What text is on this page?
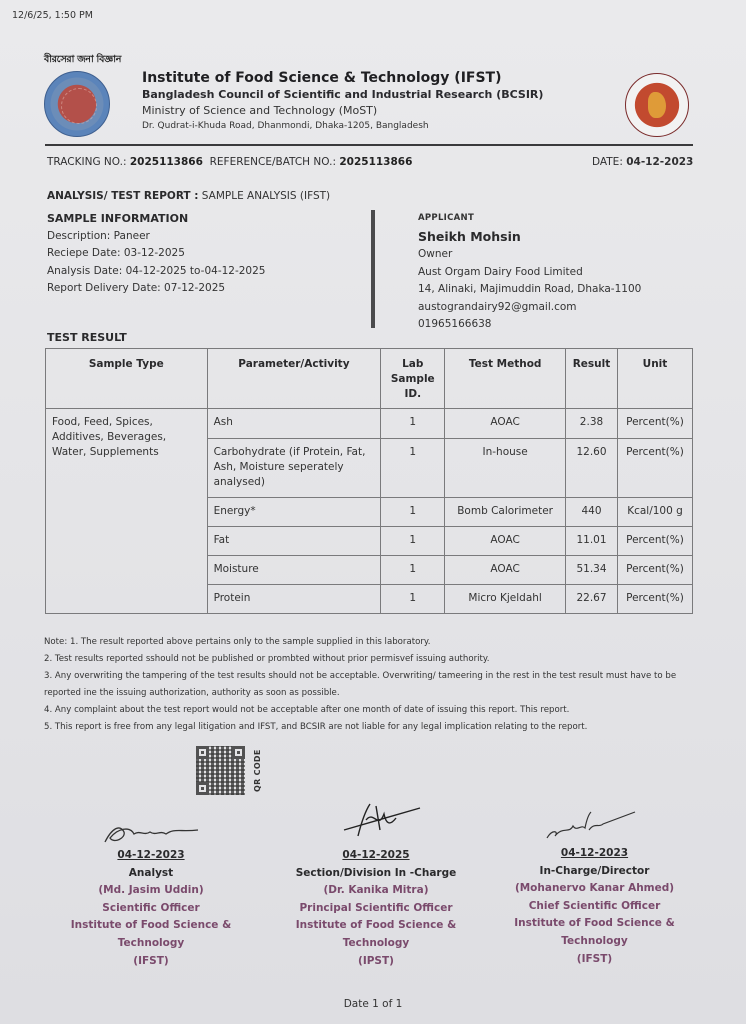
12/6/25, 1:50 PM
বীরসেরা জনা বিজ্ঞান
Institute of Food Science & Technology (IFST)
Bangladesh Council of Scientific and Industrial Research (BCSIR)
Ministry of Science and Technology (MoST)
Dr. Qudrat-i-Khuda Road, Dhanmondi, Dhaka-1205, Bangladesh
TRACKING NO.: 2025113866 REFERENCE/BATCH NO.: 2025113866	DATE: 04-12-2023
ANALYSIS/ TEST REPORT : SAMPLE ANALYSIS (IFST)
SAMPLE INFORMATION
Description: Paneer
Reciepe Date: 03-12-2025
Analysis Date: 04-12-2025 to-04-12-2025
Report Delivery Date: 07-12-2025
APPLICANT
Sheikh Mohsin
Owner
Aust Orgam Dairy Food Limited
14, Alinaki, Majimuddin Road, Dhaka-1100
austograndairy92@gmail.com
01965166638
TEST RESULT
Sample Type	Parameter/Activity	Lab Sample ID.	Test Method	Result	Unit
Food, Feed, Spices, Additives, Beverages, Water, Supplements	Ash	1	AOAC	2.38	Percent(%)
	Carbohydrate (if Protein, Fat, Ash, Moisture seperately analysed)	1	In-house	12.60	Percent(%)
	Energy*	1	Bomb Calorimeter	440	Kcal/100 g
	Fat	1	AOAC	11.01	Percent(%)
	Moisture	1	AOAC	51.34	Percent(%)
	Protein	1	Micro Kjeldahl	22.67	Percent(%)
Note: 1. The result reported above pertains only to the sample supplied in this laboratory.
2. Test results reported sshould not be published or prombted without prior permisvef issuing authority.
3. Any overwriting the tampering of the test results should not be acceptable. Overwriting/ tameering in the rest in the test result must have to be reported ine the issuing authorization, authority as soon as possible.
4. Any complaint about the test report would not be acceptable after one month of date of issuing this report. This report.
5. This report is free from any legal litigation and IFST, and BCSIR are not liable for any legal implication relating to the report.
QR CODE
04-12-2023
Analyst
(Md. Jasim Uddin)
Scientific Officer
Institute of Food Science & Technology
(IFST)
04-12-2025
Section/Division In -Charge
(Dr. Kanika Mitra)
Principal Scientific Officer
Institute of Food Science & Technology
(IPST)
04-12-2023
In-Charge/Director
(Mohanervo Kanar Ahmed)
Chief Scientific Officer
Institute of Food Science & Technology
(IFST)
Date 1 of 1
